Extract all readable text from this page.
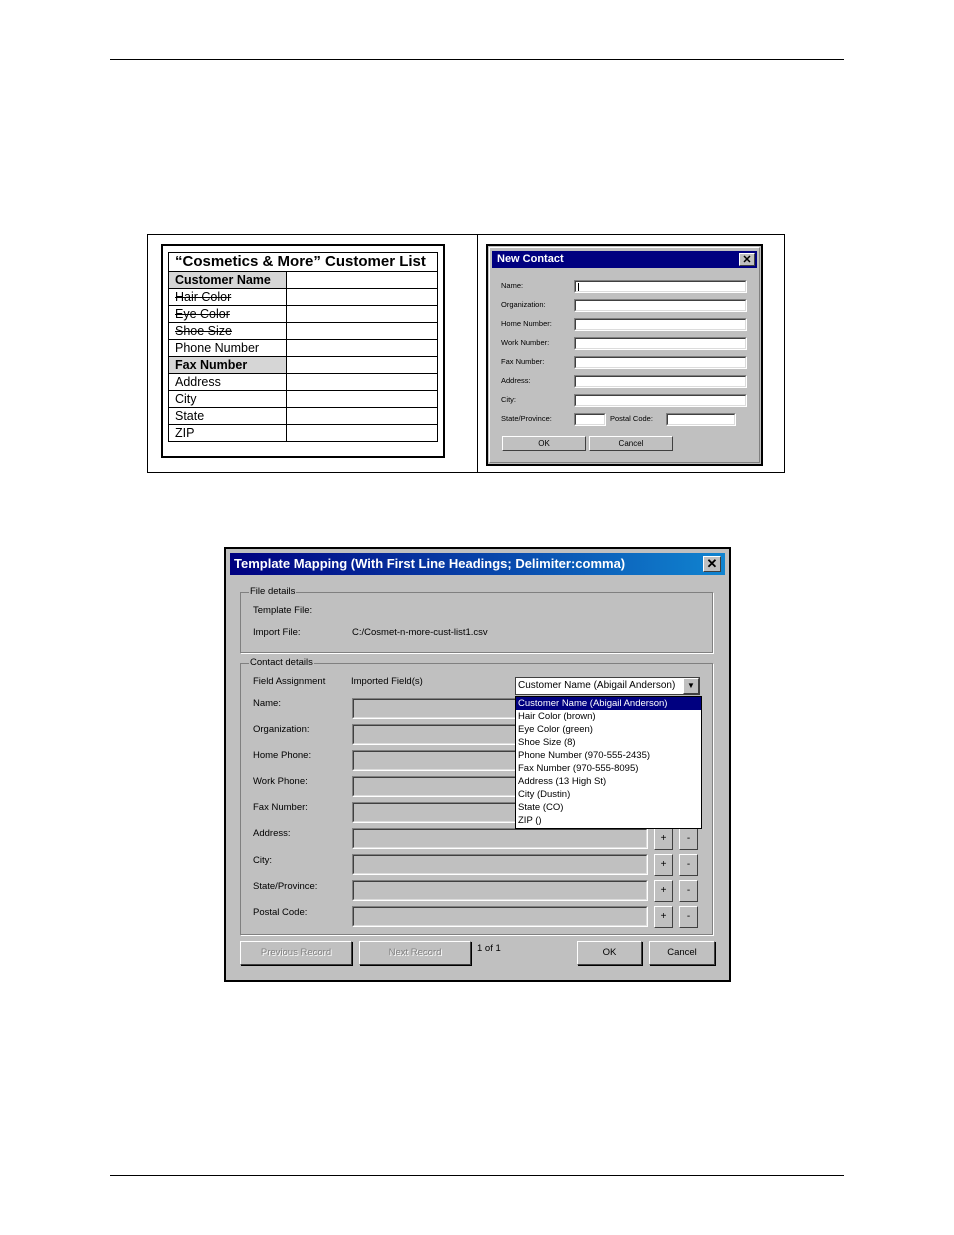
“Cosmetics & More” Customer List	
Customer Name	
Hair Color	
Eye Color	
Shoe Size	
Phone Number	
Fax Number	
Address	
City	
State	
ZIP	
New Contact	✕
Name:
Organization:
Home Number:
Work Number:
Fax Number:
Address:
City:
State/Province:	Postal Code:
OK	Cancel
Template Mapping (With First Line Headings; Delimiter:comma)	✕
File details
Template File:
Import File:	C:/Cosmet-n-more-cust-list1.csv
Contact details
Field Assignment	Imported Field(s)
Name:
Organization:
Home Phone:
Work Phone:
Fax Number:
Address:	+	-
City:	+	-
State/Province:	+	-
Postal Code:	+	-
Customer Name (Abigail Anderson)	▼
Customer Name (Abigail Anderson)
Hair Color (brown)
Eye Color (green)
Shoe Size (8)
Phone Number (970-555-2435)
Fax Number (970-555-8095)
Address (13 High St)
City (Dustin)
State (CO)
ZIP ()
Previous Record	Next Record	1 of 1	OK	Cancel
